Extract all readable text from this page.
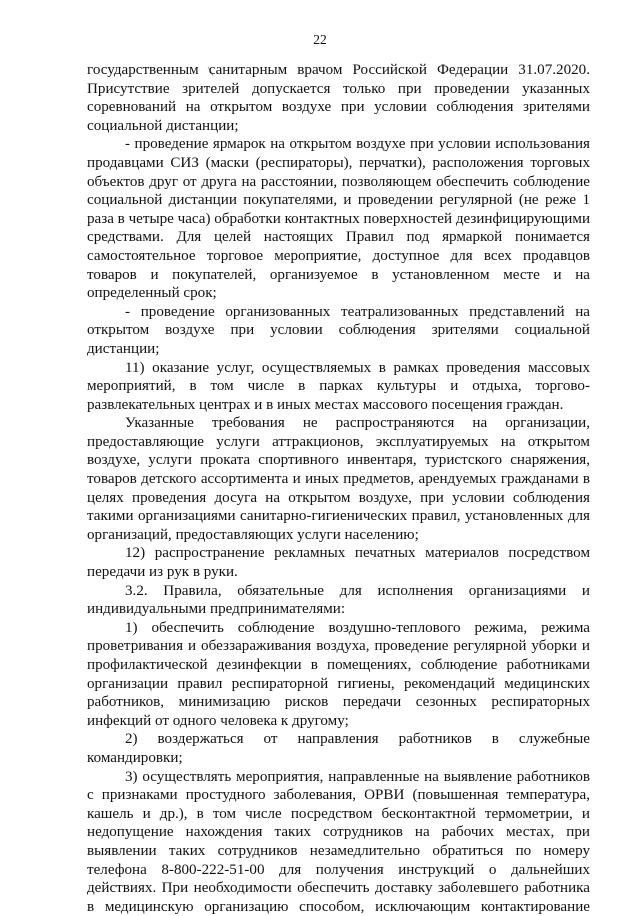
22
государственным санитарным врачом Российской Федерации 31.07.2020.
Присутствие зрителей допускается только при проведении указанных
соревнований на открытом воздухе при условии соблюдения зрителями
социальной дистанции;
- проведение ярмарок на открытом воздухе при условии использования
продавцами СИЗ (маски (респираторы), перчатки), расположения торговых
объектов друг от друга на расстоянии, позволяющем обеспечить соблюдение
социальной дистанции покупателями, и проведении регулярной (не реже 1
раза в четыре часа) обработки контактных поверхностей дезинфицирующими
средствами. Для целей настоящих Правил под ярмаркой понимается
самостоятельное торговое мероприятие, доступное для всех продавцов
товаров и покупателей, организуемое в установленном месте и на
определенный срок;
- проведение организованных театрализованных представлений на
открытом воздухе при условии соблюдения зрителями социальной
дистанции;
11) оказание услуг, осуществляемых в рамках проведения массовых
мероприятий, в том числе в парках культуры и отдыха, торгово-
развлекательных центрах и в иных местах массового посещения граждан.
Указанные требования не распространяются на организации,
предоставляющие услуги аттракционов, эксплуатируемых на открытом
воздухе, услуги проката спортивного инвентаря, туристского снаряжения,
товаров детского ассортимента и иных предметов, арендуемых гражданами в
целях проведения досуга на открытом воздухе, при условии соблюдения
такими организациями санитарно-гигиенических правил, установленных для
организаций, предоставляющих услуги населению;
12) распространение рекламных печатных материалов посредством
передачи из рук в руки.
3.2. Правила, обязательные для исполнения организациями и
индивидуальными предпринимателями:
1) обеспечить соблюдение воздушно-теплового режима, режима
проветривания и обеззараживания воздуха, проведение регулярной уборки и
профилактической дезинфекции в помещениях, соблюдение работниками
организации правил респираторной гигиены, рекомендаций медицинских
работников, минимизацию рисков передачи сезонных респираторных
инфекций от одного человека к другому;
2) воздержаться от направления работников в служебные
командировки;
3) осуществлять мероприятия, направленные на выявление работников
с признаками простудного заболевания, ОРВИ (повышенная температура,
кашель и др.), в том числе посредством бесконтактной термометрии, и
недопущение нахождения таких сотрудников на рабочих местах, при
выявлении таких сотрудников незамедлительно обратиться по номеру
телефона 8-800-222-51-00 для получения инструкций о дальнейших
действиях. При необходимости обеспечить доставку заболевшего работника
в медицинскую организацию способом, исключающим контактирование
